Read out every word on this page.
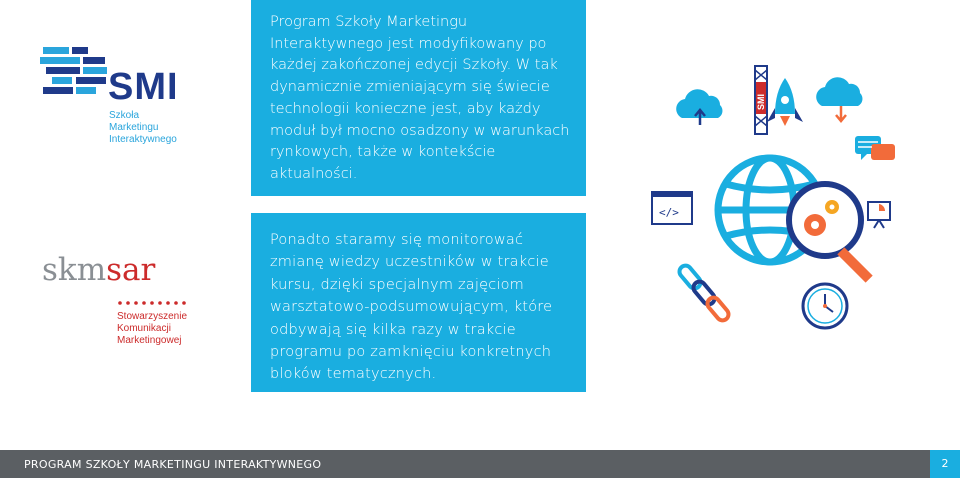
SMI
Szkoła
Marketingu
Interaktywnego
skmsar
Stowarzyszenie
Komunikacji
Marketingowej

Program Szkoły Marketingu Interaktywnego jest modyfikowany po każdej zakończonej edycji Szkoły. W tak dynamicznie zmieniającym się świecie technologii konieczne jest, aby każdy moduł był mocno osadzony w warunkach rynkowych, także w kontekście aktualności.

Ponadto staramy się monitorować zmianę wiedzy uczestników w trakcie kursu, dzięki specjalnym zajęciom warsztatowo-podsumowującym, które odbywają się kilka razy w trakcie programu po zamknięciu konkretnych bloków tematycznych.

SMI
</>
PROGRAM SZKOŁY MARKETINGU INTERAKTYWNEGO	2
